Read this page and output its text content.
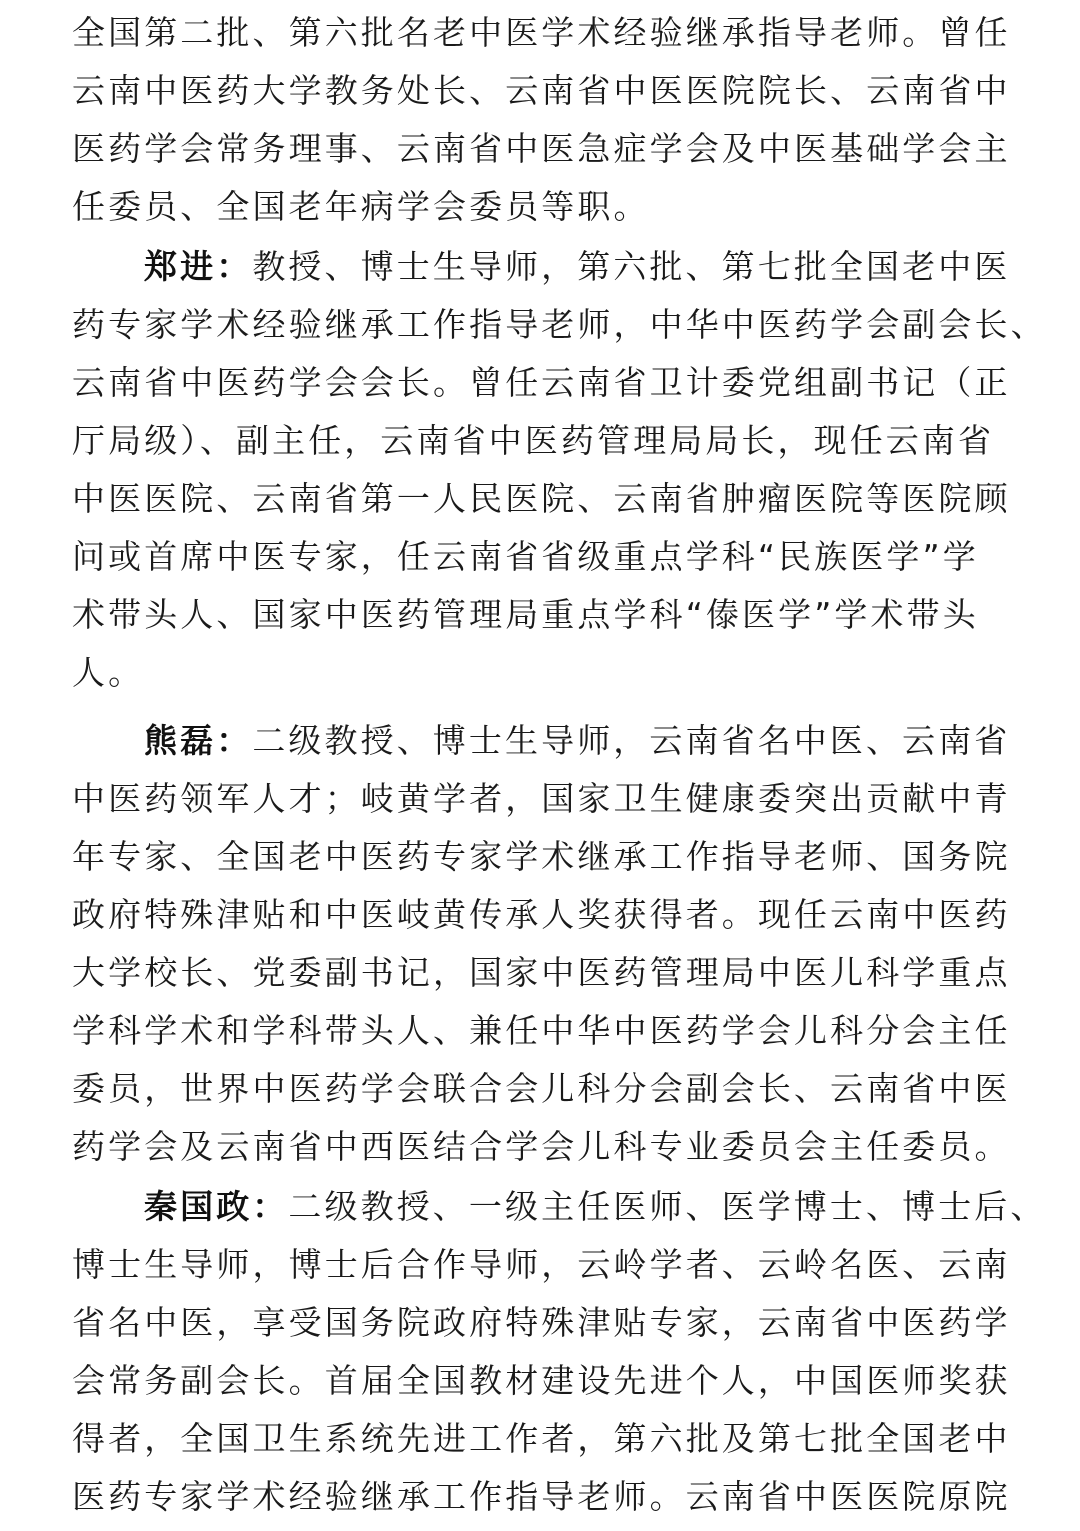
全国第二批、第六批名老中医学术经验继承指导老师。曾任
云南中医药大学教务处长、云南省中医医院院长、云南省中
医药学会常务理事、云南省中医急症学会及中医基础学会主
任委员、全国老年病学会委员等职。
郑进：教授、博士生导师，第六批、第七批全国老中医
药专家学术经验继承工作指导老师，中华中医药学会副会长、
云南省中医药学会会长。曾任云南省卫计委党组副书记（正
厅局级）、副主任，云南省中医药管理局局长，现任云南省
中医医院、云南省第一人民医院、云南省肿瘤医院等医院顾
问或首席中医专家，任云南省省级重点学科“民族医学”学
术带头人、国家中医药管理局重点学科“傣医学”学术带头
人。
熊磊：二级教授、博士生导师，云南省名中医、云南省
中医药领军人才；岐黄学者，国家卫生健康委突出贡献中青
年专家、全国老中医药专家学术继承工作指导老师、国务院
政府特殊津贴和中医岐黄传承人奖获得者。现任云南中医药
大学校长、党委副书记，国家中医药管理局中医儿科学重点
学科学术和学科带头人、兼任中华中医药学会儿科分会主任
委员，世界中医药学会联合会儿科分会副会长、云南省中医
药学会及云南省中西医结合学会儿科专业委员会主任委员。
秦国政：二级教授、一级主任医师、医学博士、博士后、
博士生导师，博士后合作导师，云岭学者、云岭名医、云南
省名中医，享受国务院政府特殊津贴专家，云南省中医药学
会常务副会长。首届全国教材建设先进个人，中国医师奖获
得者，全国卫生系统先进工作者，第六批及第七批全国老中
医药专家学术经验继承工作指导老师。云南省中医医院原院
